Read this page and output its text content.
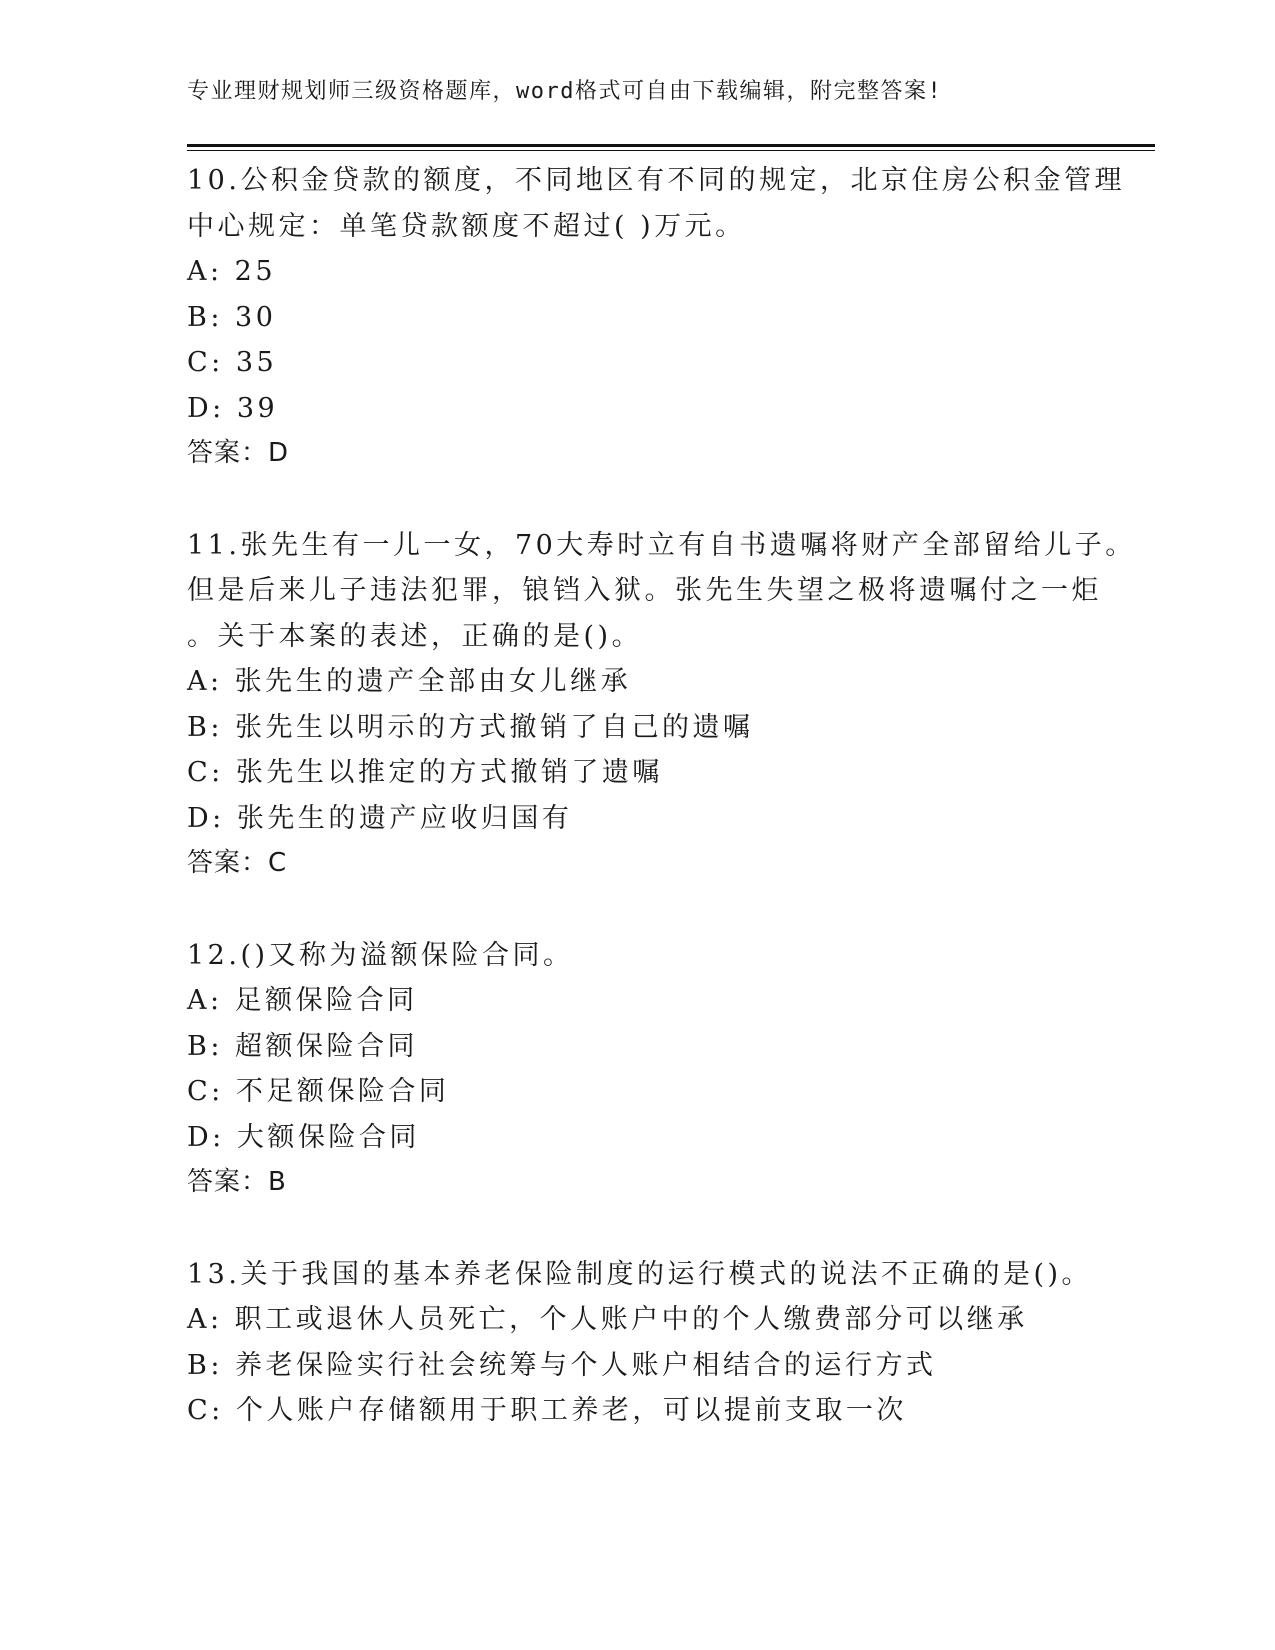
专业理财规划师三级资格题库，word格式可自由下载编辑，附完整答案!
10.公积金贷款的额度，不同地区有不同的规定，北京住房公积金管理
中心规定：单笔贷款额度不超过( )万元。
A: 25
B: 30
C: 35
D: 39
答案：D
11.张先生有一儿一女，70大寿时立有自书遗嘱将财产全部留给儿子。
但是后来儿子违法犯罪，锒铛入狱。张先生失望之极将遗嘱付之一炬
。关于本案的表述，正确的是()。
A: 张先生的遗产全部由女儿继承
B: 张先生以明示的方式撤销了自己的遗嘱
C: 张先生以推定的方式撤销了遗嘱
D: 张先生的遗产应收归国有
答案：C
12.()又称为溢额保险合同。
A: 足额保险合同
B: 超额保险合同
C: 不足额保险合同
D: 大额保险合同
答案：B
13.关于我国的基本养老保险制度的运行模式的说法不正确的是()。
A: 职工或退休人员死亡，个人账户中的个人缴费部分可以继承
B: 养老保险实行社会统筹与个人账户相结合的运行方式
C: 个人账户存储额用于职工养老，可以提前支取一次
